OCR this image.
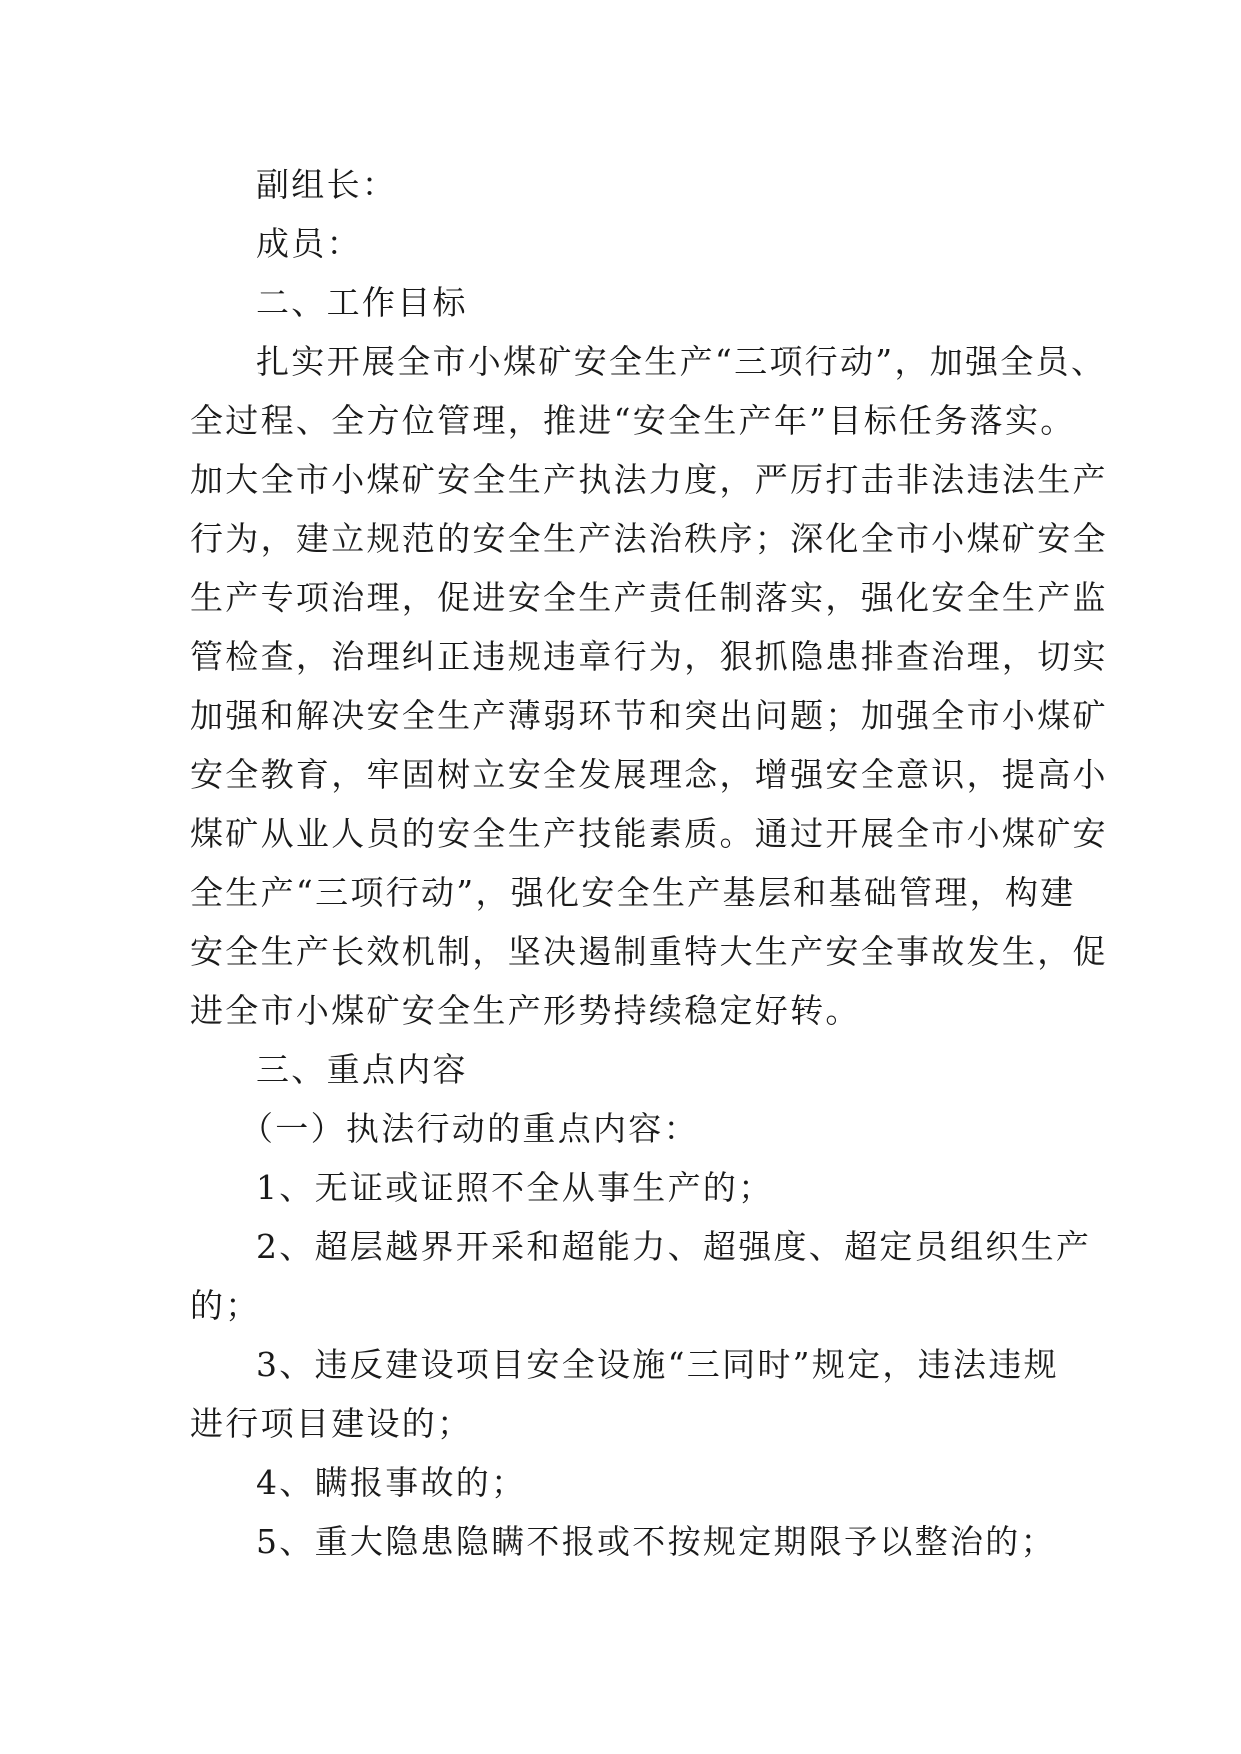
副组长：

成员：

二、工作目标

扎实开展全市小煤矿安全生产“三项行动”，加强全员、

全过程、全方位管理，推进“安全生产年”目标任务落实。

加大全市小煤矿安全生产执法力度，严厉打击非法违法生产

行为，建立规范的安全生产法治秩序；深化全市小煤矿安全

生产专项治理，促进安全生产责任制落实，强化安全生产监

管检查，治理纠正违规违章行为，狠抓隐患排查治理，切实

加强和解决安全生产薄弱环节和突出问题；加强全市小煤矿

安全教育，牢固树立安全发展理念，增强安全意识，提高小

煤矿从业人员的安全生产技能素质。通过开展全市小煤矿安

全生产“三项行动”，强化安全生产基层和基础管理，构建

安全生产长效机制，坚决遏制重特大生产安全事故发生，促

进全市小煤矿安全生产形势持续稳定好转。

三、重点内容

（一）执法行动的重点内容：

1、无证或证照不全从事生产的；

2、超层越界开采和超能力、超强度、超定员组织生产

的；

3、违反建设项目安全设施“三同时”规定，违法违规

进行项目建设的；

4、瞒报事故的；

5、重大隐患隐瞒不报或不按规定期限予以整治的；
